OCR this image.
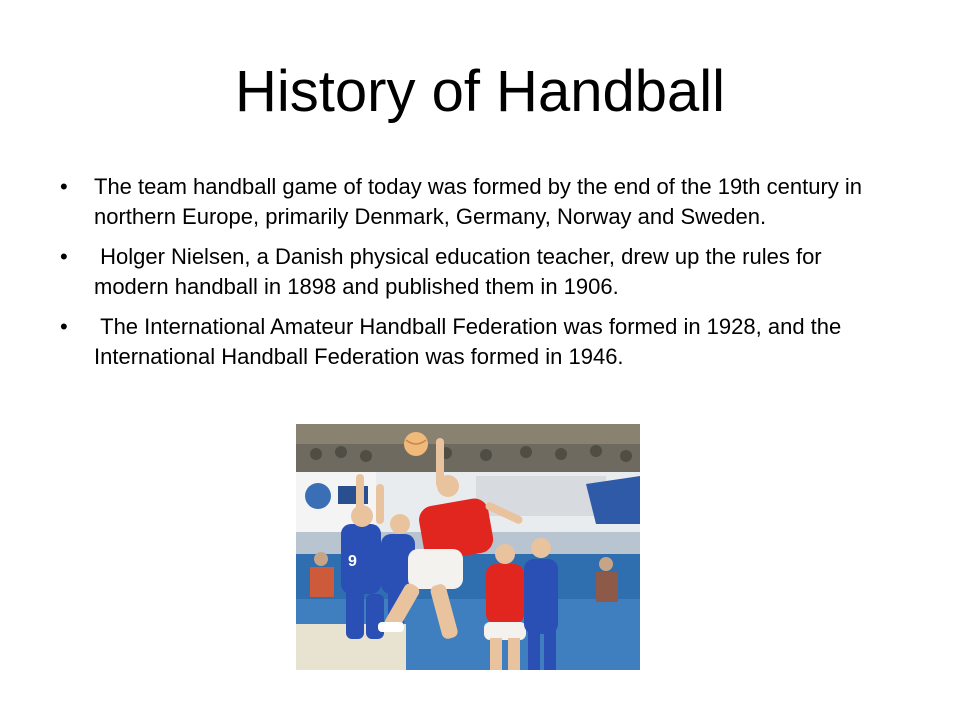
History of Handball
• The team handball game of today was formed by the end of the 19th century in northern Europe, primarily Denmark, Germany, Norway and Sweden.
• Holger Nielsen, a Danish physical education teacher, drew up the rules for modern handball in 1898 and published them in 1906.
• The International Amateur Handball Federation was formed in 1928, and the International Handball Federation was formed in 1946.
9
